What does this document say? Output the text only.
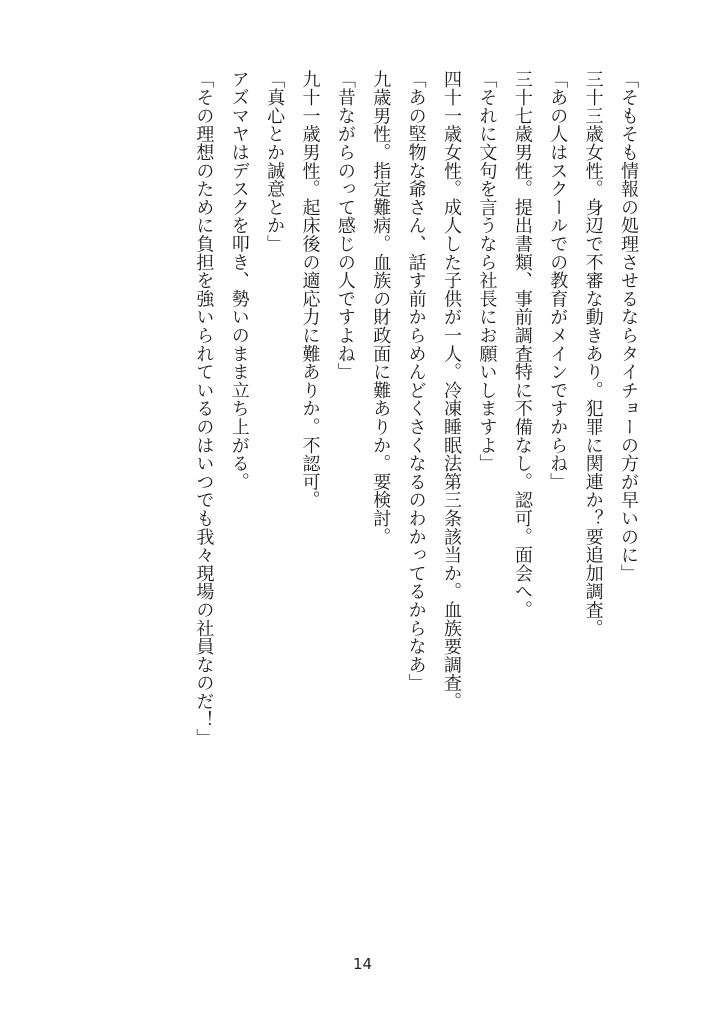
「そもそも情報の処理させるならタイチョーの方が早いのに」
三十三歳女性。身辺で不審な動きあり。犯罪に関連か？要追加調査。
「あの人はスクールでの教育がメインですからね」
三十七歳男性。提出書類、事前調査特に不備なし。認可。面会へ。
「それに文句を言うなら社長にお願いしますよ」
四十一歳女性。成人した子供が一人。冷凍睡眠法第三条該当か。血族要調査。
「あの堅物な爺さん、話す前からめんどくさくなるのわかってるからなあ」
九歳男性。指定難病。血族の財政面に難ありか。要検討。
「昔ながらのって感じの人ですよね」
九十一歳男性。起床後の適応力に難ありか。不認可。
「真心とか誠意とか」
アズマヤはデスクを叩き、勢いのまま立ち上がる。
「その理想のために負担を強いられているのはいつでも我々現場の社員なのだ！」
14
